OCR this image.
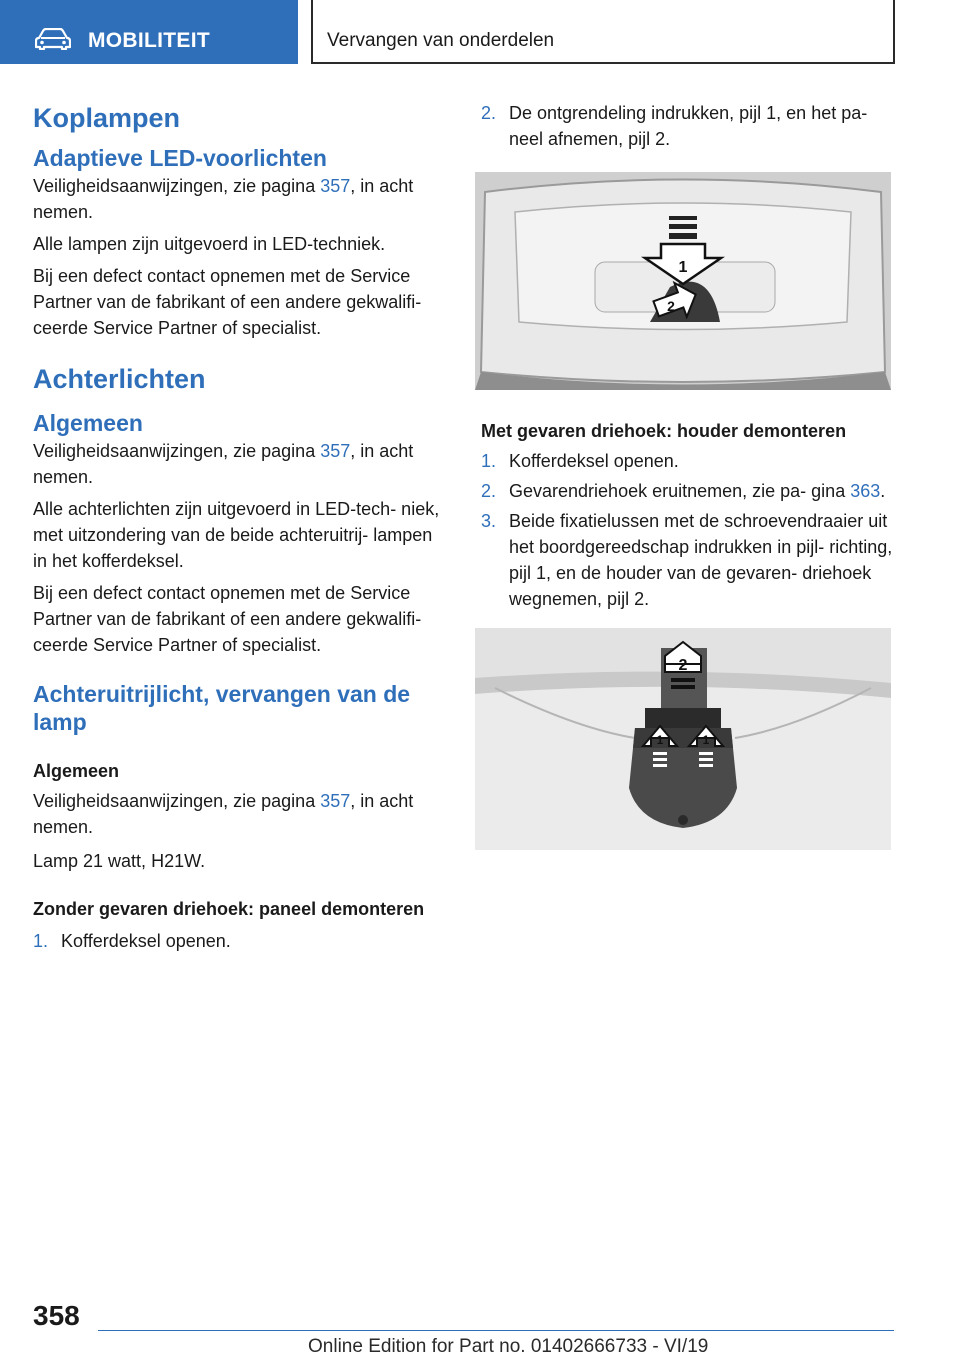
MOBILITEIT	Vervangen van onderdelen
Koplampen
Adaptieve LED-voorlichten

Veiligheidsaanwijzingen, zie pagina 357, in acht nemen.

Alle lampen zijn uitgevoerd in LED-techniek.

Bij een defect contact opnemen met de Service Partner van de fabrikant of een andere gekwalifi‐ ceerde Service Partner of specialist.

Achterlichten
Algemeen

Veiligheidsaanwijzingen, zie pagina 357, in acht nemen.

Alle achterlichten zijn uitgevoerd in LED-tech‐ niek, met uitzondering van de beide achteruitrij‐ lampen in het kofferdeksel.

Bij een defect contact opnemen met de Service Partner van de fabrikant of een andere gekwalifi‐ ceerde Service Partner of specialist.

Achteruitrijlicht, vervangen van de lamp
Algemeen

Veiligheidsaanwijzingen, zie pagina 357, in acht nemen.

Lamp 21 watt, H21W.

Zonder gevaren driehoek: paneel demonteren
1. Kofferdeksel openen.
2. De ontgrendeling indrukken, pijl 1, en het pa‐ neel afnemen, pijl 2.
1
2
Met gevaren driehoek: houder demonteren
1. Kofferdeksel openen.
2. Gevarendriehoek eruitnemen, zie pa‐ gina 363.
3. Beide fixatielussen met de schroevendraaier uit het boordgereedschap indrukken in pijl‐ richting, pijl 1, en de houder van de gevaren‐ driehoek wegnemen, pijl 2.
2
1	1
358
Online Edition for Part no. 01402666733 - VI/19
